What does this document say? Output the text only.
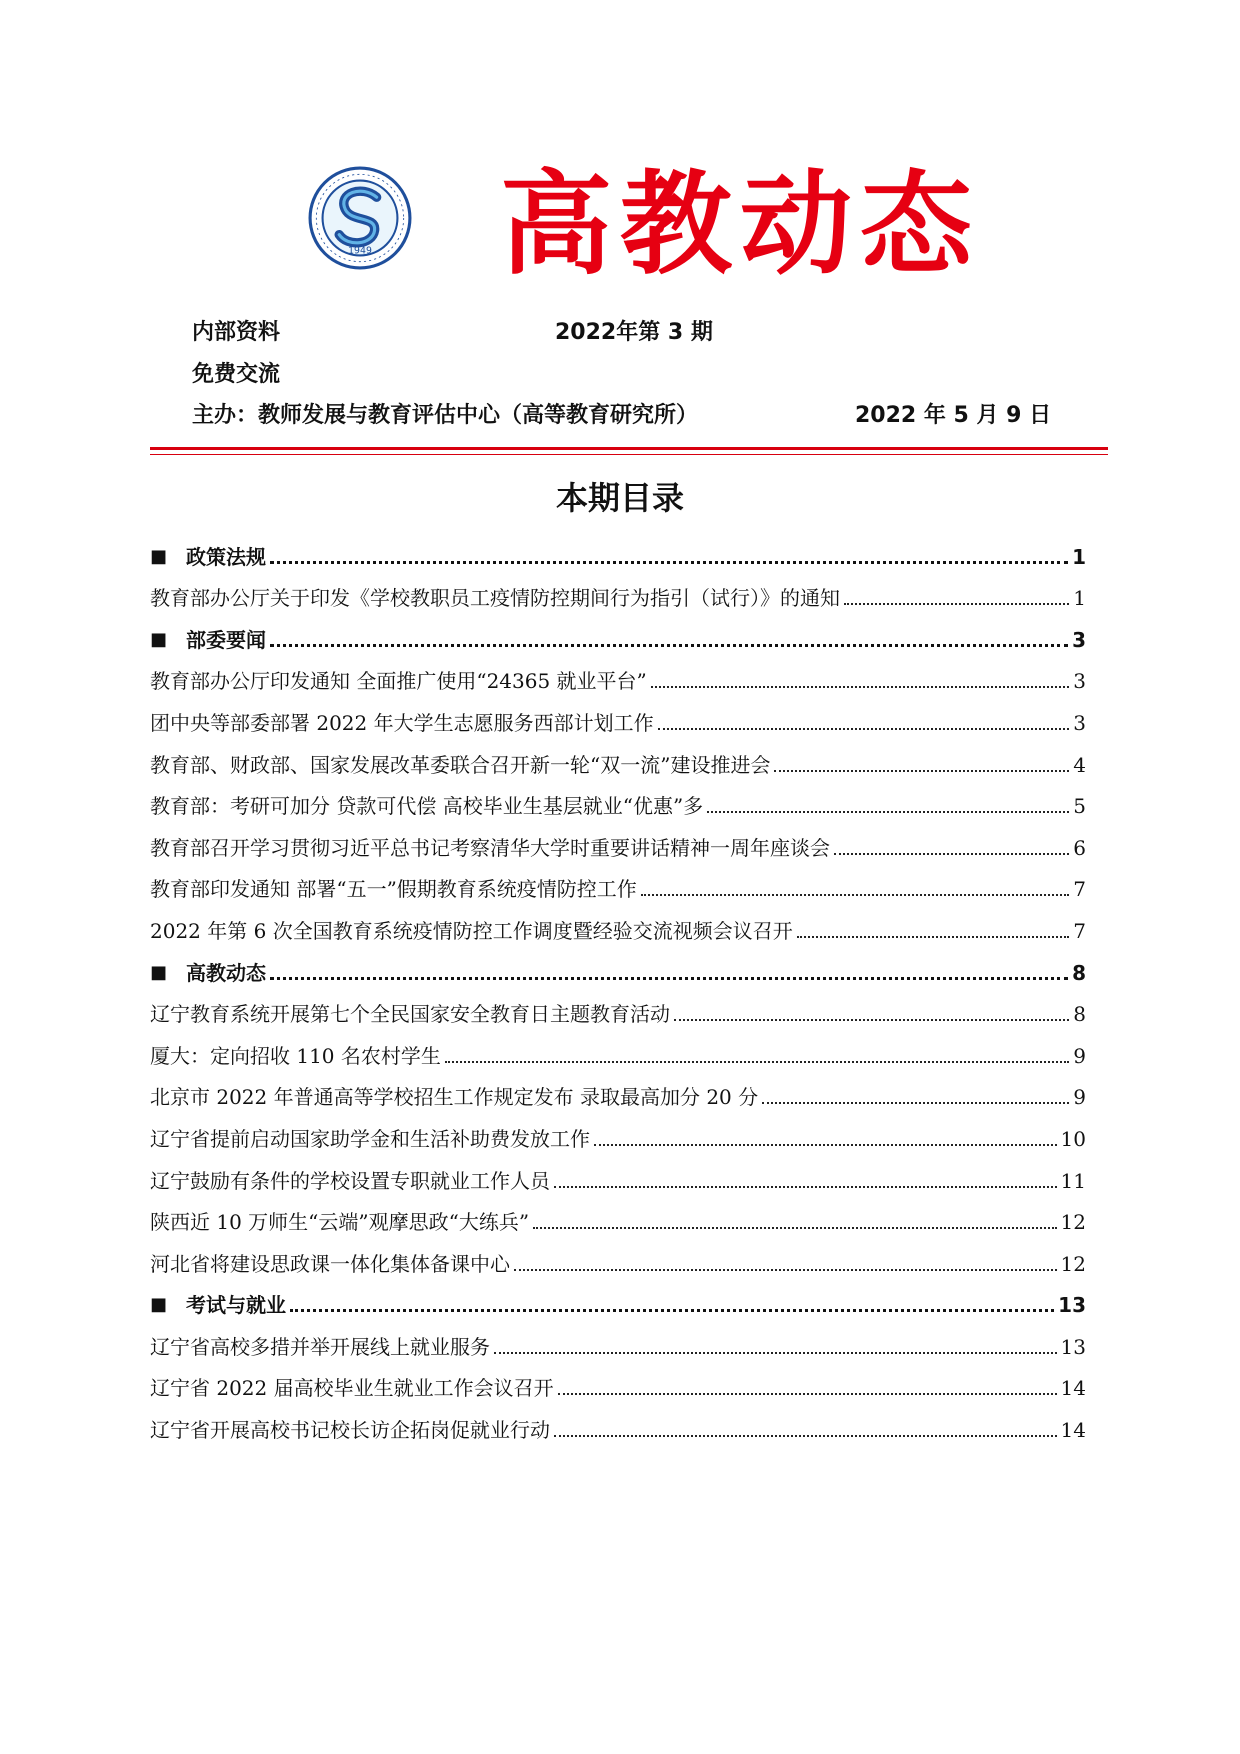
1949 高教动态
内部资料	2022年第 3 期
免费交流
主办：教师发展与教育评估中心（高等教育研究所）	2022 年 5 月 9 日
本期目录
■ 政策法规	1
教育部办公厅关于印发《学校教职员工疫情防控期间行为指引（试行）》的通知	1
■ 部委要闻	3
教育部办公厅印发通知 全面推广使用“24365 就业平台”	3
团中央等部委部署 2022 年大学生志愿服务西部计划工作	3
教育部、财政部、国家发展改革委联合召开新一轮“双一流”建设推进会	4
教育部：考研可加分 贷款可代偿 高校毕业生基层就业“优惠”多	5
教育部召开学习贯彻习近平总书记考察清华大学时重要讲话精神一周年座谈会	6
教育部印发通知 部署“五一”假期教育系统疫情防控工作	7
2022 年第 6 次全国教育系统疫情防控工作调度暨经验交流视频会议召开	7
■ 高教动态	8
辽宁教育系统开展第七个全民国家安全教育日主题教育活动	8
厦大：定向招收 110 名农村学生	9
北京市 2022 年普通高等学校招生工作规定发布 录取最高加分 20 分	9
辽宁省提前启动国家助学金和生活补助费发放工作	10
辽宁鼓励有条件的学校设置专职就业工作人员	11
陕西近 10 万师生“云端”观摩思政“大练兵”	12
河北省将建设思政课一体化集体备课中心	12
■ 考试与就业	13
辽宁省高校多措并举开展线上就业服务	13
辽宁省 2022 届高校毕业生就业工作会议召开	14
辽宁省开展高校书记校长访企拓岗促就业行动	14
